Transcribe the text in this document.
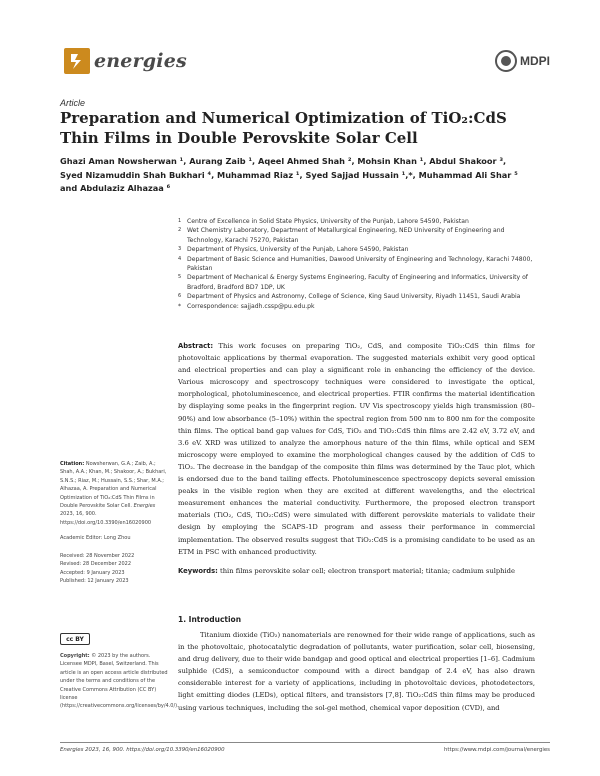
energies	MDPI
Article
Preparation and Numerical Optimization of TiO₂:CdS Thin Films in Double Perovskite Solar Cell
Ghazi Aman Nowsherwan ¹, Aurang Zaib ¹, Aqeel Ahmed Shah ², Mohsin Khan ¹, Abdul Shakoor ³, Syed Nizamuddin Shah Bukhari ⁴, Muhammad Riaz ¹, Syed Sajjad Hussain ¹,*, Muhammad Ali Shar ⁵ and Abdulaziz Alhazaa ⁶
1 Centre of Excellence in Solid State Physics, University of the Punjab, Lahore 54590, Pakistan
2 Wet Chemistry Laboratory, Department of Metallurgical Engineering, NED University of Engineering and Technology, Karachi 75270, Pakistan
3 Department of Physics, University of the Punjab, Lahore 54590, Pakistan
4 Department of Basic Science and Humanities, Dawood University of Engineering and Technology, Karachi 74800, Pakistan
5 Department of Mechanical & Energy Systems Engineering, Faculty of Engineering and Informatics, University of Bradford, Bradford BD7 1DP, UK
6 Department of Physics and Astronomy, College of Science, King Saud University, Riyadh 11451, Saudi Arabia
* Correspondence: sajjadh.cssp@pu.edu.pk
Abstract: This work focuses on preparing TiO₂, CdS, and composite TiO₂:CdS thin films for photovoltaic applications by thermal evaporation. The suggested materials exhibit very good optical and electrical properties and can play a significant role in enhancing the efficiency of the device. Various microscopy and spectroscopy techniques were considered to investigate the optical, morphological, photoluminescence, and electrical properties. FTIR confirms the material identification by displaying some peaks in the fingerprint region. UV Vis spectroscopy yields high transmission (80–90%) and low absorbance (5–10%) within the spectral region from 500 nm to 800 nm for the composite thin films. The optical band gap values for CdS, TiO₂ and TiO₂:CdS thin films are 2.42 eV, 3.72 eV, and 3.6 eV. XRD was utilized to analyze the amorphous nature of the thin films, while optical and SEM microscopy were employed to examine the morphological changes caused by the addition of CdS to TiO₂. The decrease in the bandgap of the composite thin films was determined by the Tauc plot, which is endorsed due to the band tailing effects. Photoluminescence spectroscopy depicts several emission peaks in the visible region when they are excited at different wavelengths, and the electrical measurement enhances the material conductivity. Furthermore, the proposed electron transport materials (TiO₂, CdS, TiO₂:CdS) were simulated with different perovskite materials to validate their design by employing the SCAPS-1D program and assess their performance in commercial implementation. The observed results suggest that TiO₂:CdS is a promising candidate to be used as an ETM in PSC with enhanced productivity.
Keywords: thin films perovskite solar cell; electron transport material; titania; cadmium sulphide
1. Introduction
Titanium dioxide (TiO₂) nanomaterials are renowned for their wide range of applications, such as in the photovoltaic, photocatalytic degradation of pollutants, water purification, solar cell, biosensing, and drug delivery, due to their wide bandgap and good optical and electrical properties [1–6]. Cadmium sulphide (CdS), a semiconductor compound with a direct bandgap of 2.4 eV, has also drawn considerable interest for a variety of applications, including in photovoltaic devices, photodetectors, light emitting diodes (LEDs), optical filters, and transistors [7,8]. TiO₂:CdS thin films may be produced using various techniques, including the sol-gel method, chemical vapor deposition (CVD), and
Citation: Nowsherwan, G.A.; Zaib, A.; Shah, A.A.; Khan, M.; Shakoor, A.; Bukhari, S.N.S.; Riaz, M.; Hussain, S.S.; Shar, M.A.; Alhazaa, A. Preparation and Numerical Optimization of TiO₂:CdS Thin Films in Double Perovskite Solar Cell. Energies 2023, 16, 900. https://doi.org/10.3390/en16020900
Academic Editor: Long Zhou
Received: 28 November 2022
Revised: 28 December 2022
Accepted: 9 January 2023
Published: 12 January 2023
cc BY
Copyright: © 2023 by the authors. Licensee MDPI, Basel, Switzerland. This article is an open access article distributed under the terms and conditions of the Creative Commons Attribution (CC BY) license (https://creativecommons.org/licenses/by/4.0/).
Energies 2023, 16, 900. https://doi.org/10.3390/en16020900	https://www.mdpi.com/journal/energies
